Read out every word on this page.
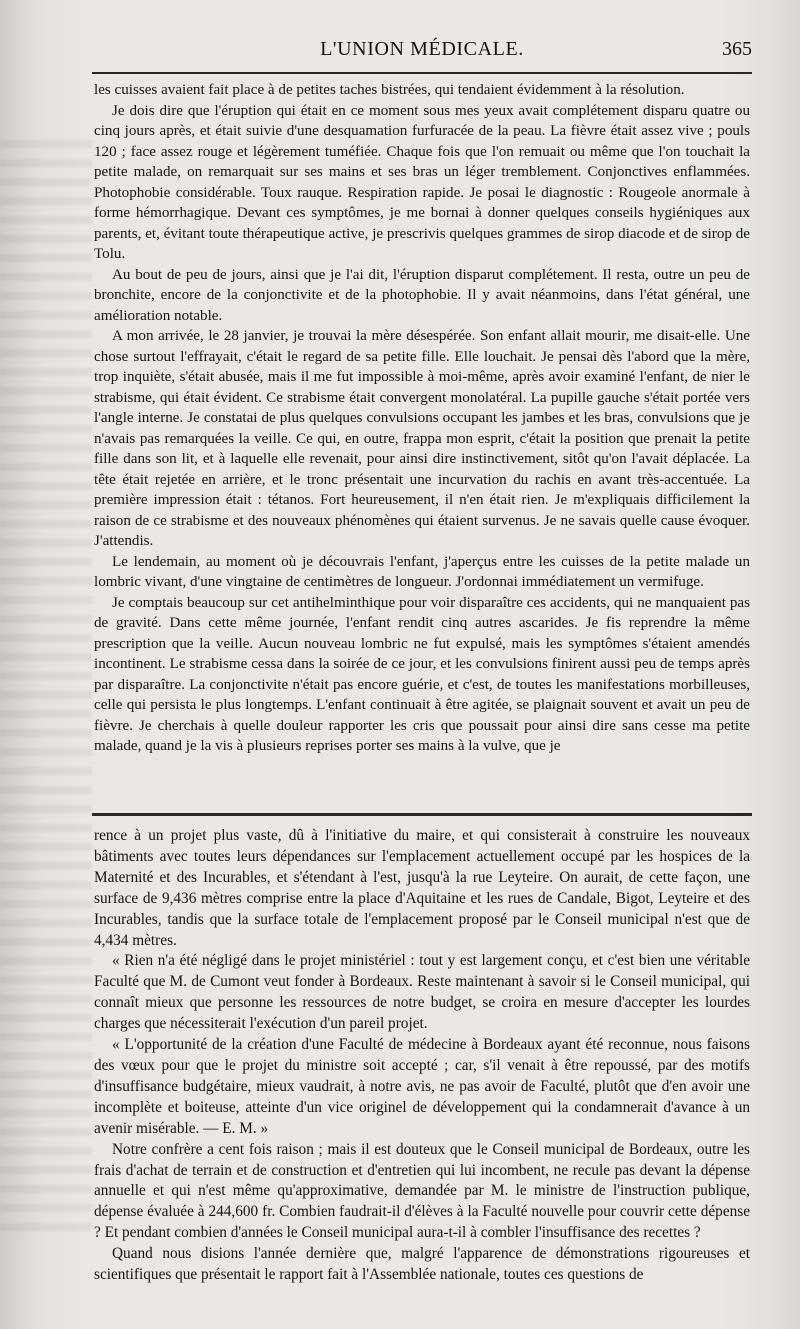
L'UNION MÉDICALE.	365

les cuisses avaient fait place à de petites taches bistrées, qui tendaient évidemment à la résolution.

Je dois dire que l'éruption qui était en ce moment sous mes yeux avait complétement disparu quatre ou cinq jours après, et était suivie d'une desquamation furfuracée de la peau. La fièvre était assez vive ; pouls 120 ; face assez rouge et légèrement tuméfiée. Chaque fois que l'on remuait ou même que l'on touchait la petite malade, on remarquait sur ses mains et ses bras un léger tremblement. Conjonctives enflammées. Photophobie considérable. Toux rauque. Respiration rapide. Je posai le diagnostic : Rougeole anormale à forme hémorrhagique. Devant ces symptômes, je me bornai à donner quelques conseils hygiéniques aux parents, et, évitant toute thérapeutique active, je prescrivis quelques grammes de sirop diacode et de sirop de Tolu.

Au bout de peu de jours, ainsi que je l'ai dit, l'éruption disparut complétement. Il resta, outre un peu de bronchite, encore de la conjonctivite et de la photophobie. Il y avait néanmoins, dans l'état général, une amélioration notable.

A mon arrivée, le 28 janvier, je trouvai la mère désespérée. Son enfant allait mourir, me disait-elle. Une chose surtout l'effrayait, c'était le regard de sa petite fille. Elle louchait. Je pensai dès l'abord que la mère, trop inquiète, s'était abusée, mais il me fut impossible à moi-même, après avoir examiné l'enfant, de nier le strabisme, qui était évident. Ce strabisme était convergent monolatéral. La pupille gauche s'était portée vers l'angle interne. Je constatai de plus quelques convulsions occupant les jambes et les bras, convulsions que je n'avais pas remarquées la veille. Ce qui, en outre, frappa mon esprit, c'était la position que prenait la petite fille dans son lit, et à laquelle elle revenait, pour ainsi dire instinctivement, sitôt qu'on l'avait déplacée. La tête était rejetée en arrière, et le tronc présentait une incurvation du rachis en avant très-accentuée. La première impression était : tétanos. Fort heureusement, il n'en était rien. Je m'expliquais difficilement la raison de ce strabisme et des nouveaux phénomènes qui étaient survenus. Je ne savais quelle cause évoquer. J'attendis.

Le lendemain, au moment où je découvrais l'enfant, j'aperçus entre les cuisses de la petite malade un lombric vivant, d'une vingtaine de centimètres de longueur. J'ordonnai immédiatement un vermifuge.

Je comptais beaucoup sur cet antihelminthique pour voir disparaître ces accidents, qui ne manquaient pas de gravité. Dans cette même journée, l'enfant rendit cinq autres ascarides. Je fis reprendre la même prescription que la veille. Aucun nouveau lombric ne fut expulsé, mais les symptômes s'étaient amendés incontinent. Le strabisme cessa dans la soirée de ce jour, et les convulsions finirent aussi peu de temps après par disparaître. La conjonctivite n'était pas encore guérie, et c'est, de toutes les manifestations morbilleuses, celle qui persista le plus longtemps. L'enfant continuait à être agitée, se plaignait souvent et avait un peu de fièvre. Je cherchais à quelle douleur rapporter les cris que poussait pour ainsi dire sans cesse ma petite malade, quand je la vis à plusieurs reprises porter ses mains à la vulve, que je

rence à un projet plus vaste, dû à l'initiative du maire, et qui consisterait à construire les nouveaux bâtiments avec toutes leurs dépendances sur l'emplacement actuellement occupé par les hospices de la Maternité et des Incurables, et s'étendant à l'est, jusqu'à la rue Leyteire. On aurait, de cette façon, une surface de 9,436 mètres comprise entre la place d'Aquitaine et les rues de Candale, Bigot, Leyteire et des Incurables, tandis que la surface totale de l'emplacement proposé par le Conseil municipal n'est que de 4,434 mètres.

« Rien n'a été négligé dans le projet ministériel : tout y est largement conçu, et c'est bien une véritable Faculté que M. de Cumont veut fonder à Bordeaux. Reste maintenant à savoir si le Conseil municipal, qui connaît mieux que personne les ressources de notre budget, se croira en mesure d'accepter les lourdes charges que nécessiterait l'exécution d'un pareil projet.

« L'opportunité de la création d'une Faculté de médecine à Bordeaux ayant été reconnue, nous faisons des vœux pour que le projet du ministre soit accepté ; car, s'il venait à être repoussé, par des motifs d'insuffisance budgétaire, mieux vaudrait, à notre avis, ne pas avoir de Faculté, plutôt que d'en avoir une incomplète et boiteuse, atteinte d'un vice originel de développement qui la condamnerait d'avance à un avenir misérable. — E. M. »

Notre confrère a cent fois raison ; mais il est douteux que le Conseil municipal de Bordeaux, outre les frais d'achat de terrain et de construction et d'entretien qui lui incombent, ne recule pas devant la dépense annuelle et qui n'est même qu'approximative, demandée par M. le ministre de l'instruction publique, dépense évaluée à 244,600 fr. Combien faudrait-il d'élèves à la Faculté nouvelle pour couvrir cette dépense ? Et pendant combien d'années le Conseil municipal aura-t-il à combler l'insuffisance des recettes ?

Quand nous disions l'année dernière que, malgré l'apparence de démonstrations rigoureuses et scientifiques que présentait le rapport fait à l'Assemblée nationale, toutes ces questions de
